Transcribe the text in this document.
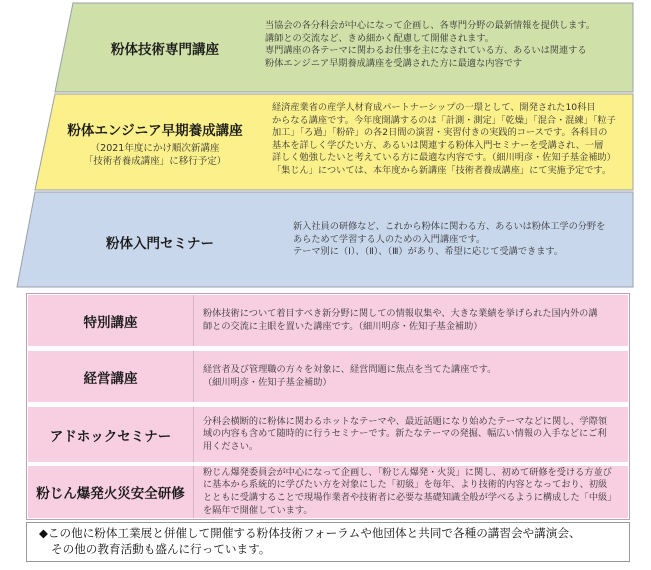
粉体技術専門講座
当協会の各分科会が中心になって企画し、各専門分野の最新情報を提供します。
講師との交流など、きめ細かく配慮して開催されます。
専門講座の各テーマに関わるお仕事を主になされている方、あるいは関連する
粉体エンジニア早期養成講座を受講された方に最適な内容です
粉体エンジニア早期養成講座
（2021年度にかけ順次新講座
「技術者養成講座」に移行予定）
経済産業省の産学人材育成パートナーシップの一環として、開発された10科目
からなる講座です。今年度開講するのは「計測・測定」「乾燥」「混合・混練」「粒子
加工」「ろ過」「粉砕」の各2日間の演習・実習付きの実践的コースです。各科目の
基本を詳しく学びたい方、あるいは関連する粉体入門セミナーを受講され、一層
詳しく勉強したいと考えている方に最適な内容です。（細川明彦・佐知子基金補助）
「集じん」については、本年度から新講座「技術者養成講座」にて実施予定です。
粉体入門セミナー
新入社員の研修など、これから粉体に関わる方、あるいは粉体工学の分野を
あらためて学習する人のための入門講座です。
テーマ別に（Ⅰ）、（Ⅱ）、（Ⅲ）があり、希望に応じて受講できます。
特別講座
粉体技術について着目すべき新分野に関しての情報収集や、大きな業績を挙げられた国内外の講
師との交流に主眼を置いた講座です。（細川明彦・佐知子基金補助）
経営講座
経営者及び管理職の方々を対象に、経営問題に焦点を当てた講座です。
（細川明彦・佐知子基金補助）
アドホックセミナー
分科会横断的に粉体に関わるホットなテーマや、最近話題になり始めたテーマなどに関し、学際領
域の内容も含めて随時的に行うセミナーです。新たなテーマの発掘、幅広い情報の入手などにご利
用ください。
粉じん爆発火災安全研修
粉じん爆発委員会が中心になって企画し、「粉じん爆発・火災」に関し、初めて研修を受ける方並び
に基本から系統的に学びたい方を対象にした「初級」を毎年、より技術的内容となっており、初級
とともに受講することで現場作業者や技術者に必要な基礎知識全般が学べるように構成した「中級」
を隔年で開催しています。
◆この他に粉体工業展と併催して開催する粉体技術フォーラムや他団体と共同で各種の講習会や講演会、
その他の教育活動も盛んに行っています。
